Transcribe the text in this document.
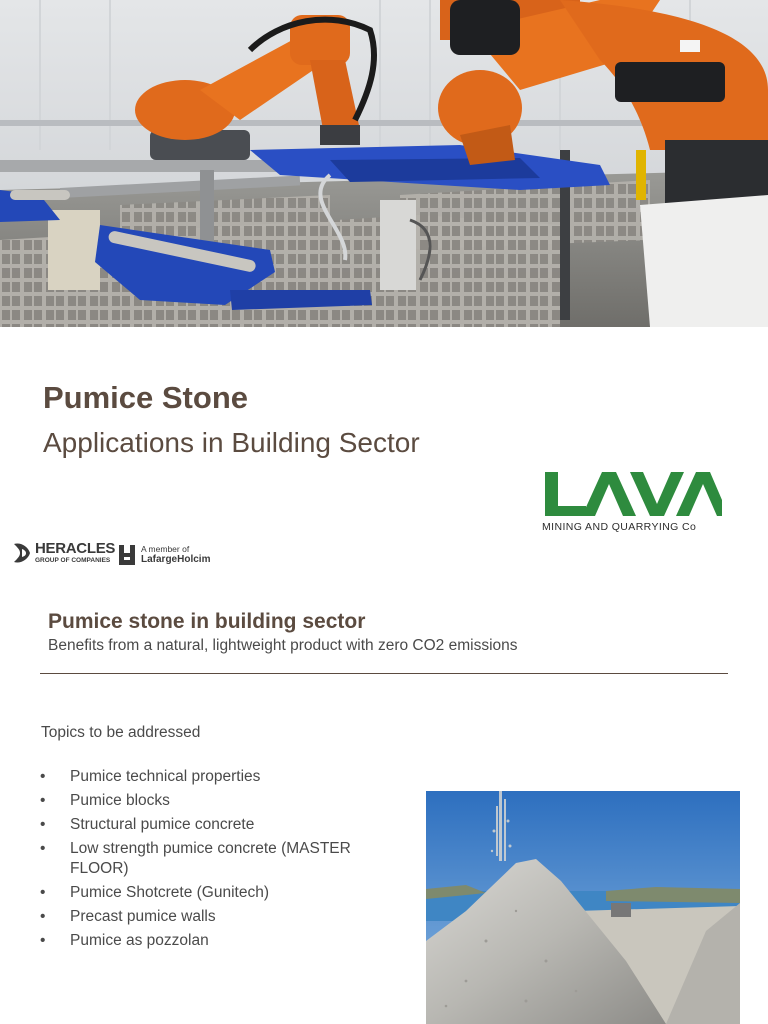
Pumice Stone
Applications in Building Sector
MINING AND QUARRYING Co
HERACLES
GROUP OF COMPANIES
A member of
LafargeHolcim
Pumice stone in building sector
Benefits from a natural, lightweight product with zero CO2 emissions
Topics to be addressed
• Pumice technical properties
• Pumice blocks
• Structural pumice concrete
• Low strength pumice concrete (MASTER FLOOR)
• Pumice Shotcrete (Gunitech)
• Precast pumice walls
• Pumice as pozzolan
